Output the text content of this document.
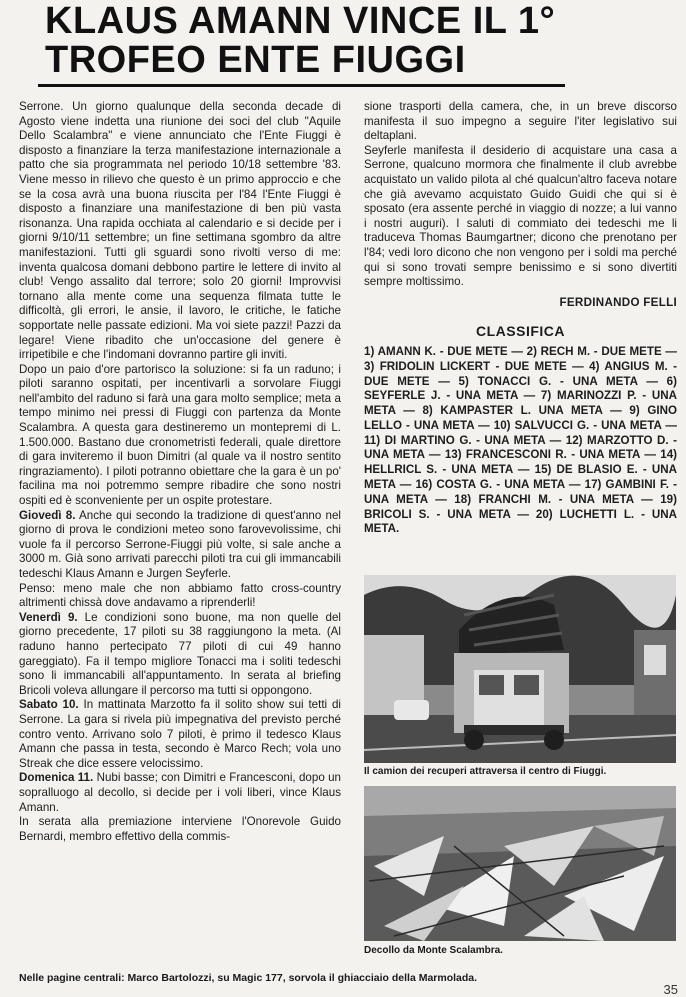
KLAUS AMANN VINCE IL 1° TROFEO ENTE FIUGGI

Serrone. Un giorno qualunque della seconda decade di Agosto viene indetta una riunione dei soci del club "Aquile Dello Scalambra" e viene annunciato che l'Ente Fiuggi è disposto a finanziare la terza manifestazione internazionale a patto che sia programmata nel periodo 10/18 settembre '83. Viene messo in rilievo che questo è un primo approccio e che se la cosa avrà una buona riuscita per l'84 l'Ente Fiuggi è disposto a finanziare una manifestazione di ben più vasta risonanza. Una rapida occhiata al calendario e si decide per i giorni 9/10/11 settembre; un fine settimana sgombro da altre manifestazioni. Tutti gli sguardi sono rivolti verso di me: inventa qualcosa domani debbono partire le lettere di invito al club! Vengo assalito dal terrore; solo 20 giorni! Improvvisi tornano alla mente come una sequenza filmata tutte le difficoltà, gli errori, le ansie, il lavoro, le critiche, le fatiche sopportate nelle passate edizioni. Ma voi siete pazzi! Pazzi da legare! Viene ribadito che un'occasione del genere è irripetibile e che l'indomani dovranno partire gli inviti.

Dopo un paio d'ore partorisco la soluzione: si fa un raduno; i piloti saranno ospitati, per incentivarli a sorvolare Fiuggi nell'ambito del raduno si farà una gara molto semplice; meta a tempo minimo nei pressi di Fiuggi con partenza da Monte Scalambra. A questa gara destineremo un montepremi di L. 1.500.000. Bastano due cronometristi federali, quale direttore di gara inviteremo il buon Dimitri (al quale va il nostro sentito ringraziamento). I piloti potranno obiettare che la gara è un po' facilina ma noi potremmo sempre ribadire che sono nostri ospiti ed è sconveniente per un ospite protestare.

Giovedì 8. Anche qui secondo la tradizione di quest'anno nel giorno di prova le condizioni meteo sono farovevolissime, chi vuole fa il percorso Serrone-Fiuggi più volte, si sale anche a 3000 m. Già sono arrivati parecchi piloti tra cui gli immancabili tedeschi Klaus Amann e Jurgen Seyferle.

Penso: meno male che non abbiamo fatto cross-country altrimenti chissà dove andavamo a riprenderli!

Venerdì 9. Le condizioni sono buone, ma non quelle del giorno precedente, 17 piloti su 38 raggiungono la meta. (Al raduno hanno pertecipato 77 piloti di cui 49 hanno gareggiato). Fa il tempo migliore Tonacci ma i soliti tedeschi sono li immancabili all'appuntamento. In serata al briefing Bricoli voleva allungare il percorso ma tutti si oppongono.

Sabato 10. In mattinata Marzotto fa il solito show sui tetti di Serrone. La gara si rivela più impegnativa del previsto perché contro vento. Arrivano solo 7 piloti, è primo il tedesco Klaus Amann che passa in testa, secondo è Marco Rech; vola uno Streak che dice essere velocissimo.

Domenica 11. Nubi basse; con Dimitri e Francesconi, dopo un sopralluogo al decollo, si decide per i voli liberi, vince Klaus Amann.

In serata alla premiazione interviene l'Onorevole Guido Bernardi, membro effettivo della commis-

sione trasporti della camera, che, in un breve discorso manifesta il suo impegno a seguire l'iter legislativo sui deltaplani.

Seyferle manifesta il desiderio di acquistare una casa a Serrone, qualcuno mormora che finalmente il club avrebbe acquistato un valido pilota al ché qualcun'altro faceva notare che già avevamo acquistato Guido Guidi che qui si è sposato (era assente perché in viaggio di nozze; a lui vanno i nostri auguri). I saluti di commiato dei tedeschi me li traduceva Thomas Baumgartner; dicono che prenotano per l'84; vedi loro dicono che non vengono per i soldi ma perché qui si sono trovati sempre benissimo e si sono divertiti sempre moltissimo.

FERDINANDO FELLI

CLASSIFICA

1) AMANN K. - DUE METE — 2) RECH M. - DUE METE — 3) FRIDOLIN LICKERT - DUE METE — 4) ANGIUS M. - DUE METE — 5) TONACCI G. - UNA META — 6) SEYFERLE J. - UNA META — 7) MARINOZZI P. - UNA META — 8) KAMPASTER L. UNA META — 9) GINO LELLO - UNA META — 10) SALVUCCI G. - UNA META — 11) DI MARTINO G. - UNA META — 12) MARZOTTO D. - UNA META — 13) FRANCESCONI R. - UNA META — 14) HELLRICL S. - UNA META — 15) DE BLASIO E. - UNA META — 16) COSTA G. - UNA META — 17) GAMBINI F. - UNA META — 18) FRANCHI M. - UNA META — 19) BRICOLI S. - UNA META — 20) LUCHETTI L. - UNA META.

Il camion dei recuperi attraversa il centro di Fiuggi.
Decollo da Monte Scalambra.
Nelle pagine centrali: Marco Bartolozzi, su Magic 177, sorvola il ghiacciaio della Marmolada.
35
